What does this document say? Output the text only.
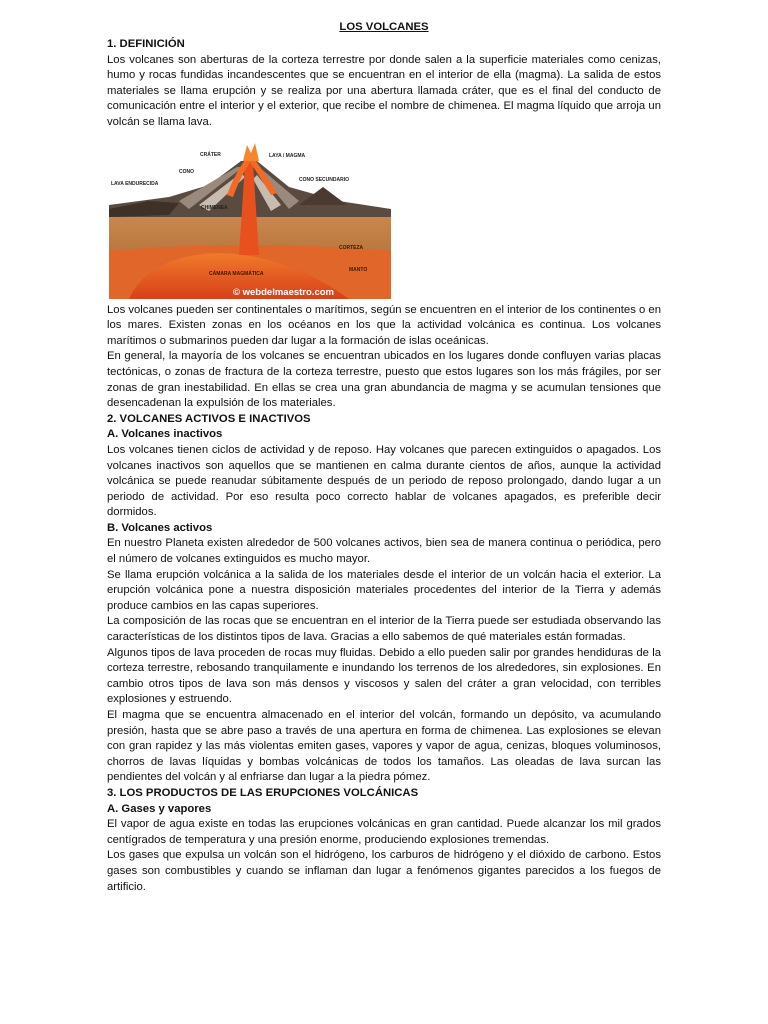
LOS VOLCANES
1. DEFINICIÓN

Los volcanes son aberturas de la corteza terrestre por donde salen a la superficie materiales como cenizas, humo y rocas fundidas incandescentes que se encuentran en el interior de ella (magma). La salida de estos materiales se llama erupción y se realiza por una abertura llamada cráter, que es el final del conducto de comunicación entre el interior y el exterior, que recibe el nombre de chimenea. El magma líquido que arroja un volcán se llama lava.

CRÁTER	LAYA / MAGMA
CONO
CONO SECUNDARIO
LAVA ENDURECIDA
CHIMENEA
CORTEZA
MANTO
CÁMARA MAGMÁTICA
© webdelmaestro.com

Los volcanes pueden ser continentales o marítimos, según se encuentren en el interior de los continentes o en los mares. Existen zonas en los océanos en los que la actividad volcánica es continua. Los volcanes marítimos o submarinos pueden dar lugar a la formación de islas oceánicas.

En general, la mayoría de los volcanes se encuentran ubicados en los lugares donde confluyen varias placas tectónicas, o zonas de fractura de la corteza terrestre, puesto que estos lugares son los más frágiles, por ser zonas de gran inestabilidad. En ellas se crea una gran abundancia de magma y se acumulan tensiones que desencadenan la expulsión de los materiales.

2. VOLCANES ACTIVOS E INACTIVOS
A. Volcanes inactivos

Los volcanes tienen ciclos de actividad y de reposo. Hay volcanes que parecen extinguidos o apagados. Los volcanes inactivos son aquellos que se mantienen en calma durante cientos de años, aunque la actividad volcánica se puede reanudar súbitamente después de un periodo de reposo prolongado, dando lugar a un periodo de actividad. Por eso resulta poco correcto hablar de volcanes apagados, es preferible decir dormidos.

B. Volcanes activos

En nuestro Planeta existen alrededor de 500 volcanes activos, bien sea de manera continua o periódica, pero el número de volcanes extinguidos es mucho mayor.

Se llama erupción volcánica a la salida de los materiales desde el interior de un volcán hacia el exterior. La erupción volcánica pone a nuestra disposición materiales procedentes del interior de la Tierra y además produce cambios en las capas superiores.

La composición de las rocas que se encuentran en el interior de la Tierra puede ser estudiada observando las características de los distintos tipos de lava. Gracias a ello sabemos de qué materiales están formadas.

Algunos tipos de lava proceden de rocas muy fluidas. Debido a ello pueden salir por grandes hendiduras de la corteza terrestre, rebosando tranquilamente e inundando los terrenos de los alrededores, sin explosiones. En cambio otros tipos de lava son más densos y viscosos y salen del cráter a gran velocidad, con terribles explosiones y estruendo.

El magma que se encuentra almacenado en el interior del volcán, formando un depósito, va acumulando presión, hasta que se abre paso a través de una apertura en forma de chimenea. Las explosiones se elevan con gran rapidez y las más violentas emiten gases, vapores y vapor de agua, cenizas, bloques voluminosos, chorros de lavas líquidas y bombas volcánicas de todos los tamaños. Las oleadas de lava surcan las pendientes del volcán y al enfriarse dan lugar a la piedra pómez.

3. LOS PRODUCTOS DE LAS ERUPCIONES VOLCÁNICAS
A. Gases y vapores

El vapor de agua existe en todas las erupciones volcánicas en gran cantidad. Puede alcanzar los mil grados centígrados de temperatura y una presión enorme, produciendo explosiones tremendas.

Los gases que expulsa un volcán son el hidrógeno, los carburos de hidrógeno y el dióxido de carbono. Estos gases son combustibles y cuando se inflaman dan lugar a fenómenos gigantes parecidos a los fuegos de artificio.
